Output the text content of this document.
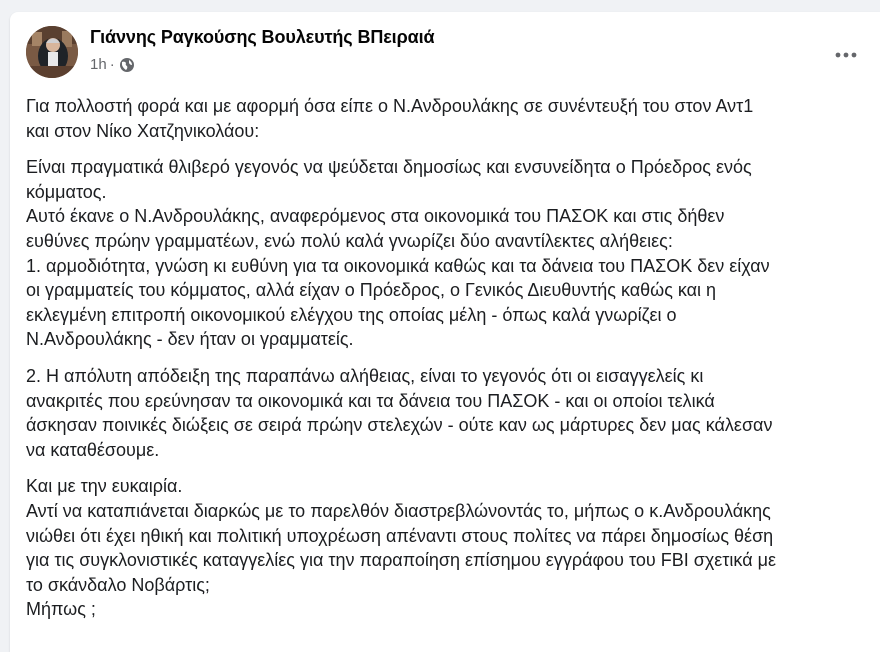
Γιάννης Ραγκούσης Βουλευτής ΒΠειραιά
1h ·

Για πολλοστή φορά και με αφορμή όσα είπε ο Ν.Ανδρουλάκης σε συνέντευξή του στον Αντ1
και στον Νίκο Χατζηνικολάου:

Είναι πραγματικά θλιβερό γεγονός να ψεύδεται δημοσίως και ενσυνείδητα ο Πρόεδρος ενός
κόμματος.
Αυτό έκανε ο Ν.Ανδρουλάκης, αναφερόμενος στα οικονομικά του ΠΑΣΟΚ και στις δήθεν
ευθύνες πρώην γραμματέων, ενώ πολύ καλά γνωρίζει δύο αναντίλεκτες αλήθειες:
1. αρμοδιότητα, γνώση κι ευθύνη για τα οικονομικά καθώς και τα δάνεια του ΠΑΣΟΚ δεν είχαν
οι γραμματείς του κόμματος, αλλά είχαν ο Πρόεδρος, ο Γενικός Διευθυντής καθώς και η
εκλεγμένη επιτροπή οικονομικού ελέγχου της οποίας μέλη - όπως καλά γνωρίζει ο
Ν.Ανδρουλάκης - δεν ήταν οι γραμματείς.

2. Η απόλυτη απόδειξη της παραπάνω αλήθειας, είναι το γεγονός ότι οι εισαγγελείς κι
ανακριτές που ερεύνησαν τα οικονομικά και τα δάνεια του ΠΑΣΟΚ - και οι οποίοι τελικά
άσκησαν ποινικές διώξεις σε σειρά πρώην στελεχών - ούτε καν ως μάρτυρες δεν μας κάλεσαν
να καταθέσουμε.

Και με την ευκαιρία.
Αντί να καταπιάνεται διαρκώς με το παρελθόν διαστρεβλώνοντάς το, μήπως ο κ.Ανδρουλάκης
νιώθει ότι έχει ηθική και πολιτική υποχρέωση απέναντι στους πολίτες να πάρει δημοσίως θέση
για τις συγκλονιστικές καταγγελίες για την παραποίηση επίσημου εγγράφου του FBI σχετικά με
το σκάνδαλο Νοβάρτις;
Μήπως ;
